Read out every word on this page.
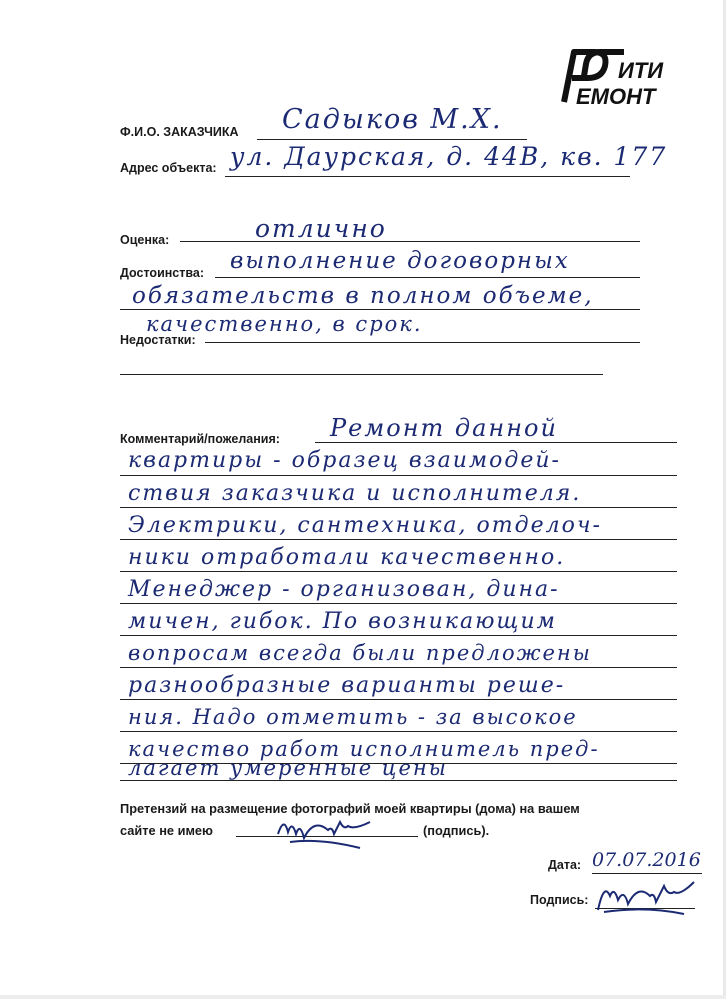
ИТИ
ЕМОНТ
Ф.И.О. ЗАКАЗЧИКА Садыков М.Х.
Адрес объекта: ул. Даурская, д. 44В, кв. 177
Оценка:	отлично
Достоинства: выполнение договорных
обязательств в полном объеме,
качественно, в срок.
Недостатки:
Комментарий/пожелания: Ремонт данной
квартиры - образец взаимодей-
ствия заказчика и исполнителя.
Электрики, сантехника, отделоч-
ники отработали качественно.
Менеджер - организован, дина-
мичен, гибок. По возникающим
вопросам всегда были предложены
разнообразные варианты реше-
ния. Надо отметить - за высокое
качество работ исполнитель пред-
лагает умеренные цены
Претензий на размещение фотографий моей квартиры (дома) на вашем
сайте не имею	(подпись).
Дата: 07.07.2016
Подпись:
